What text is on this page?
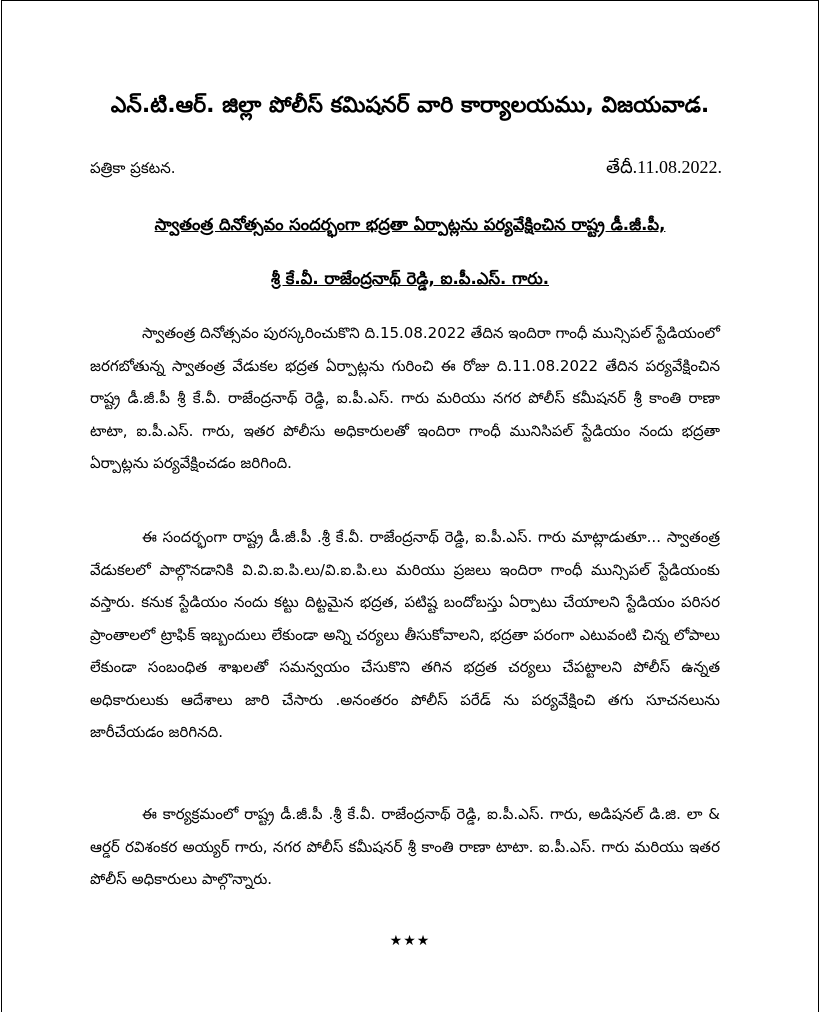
ఎన్.టి.ఆర్. జిల్లా పోలీస్ కమిషనర్ వారి కార్యాలయము, విజయవాడ.
పత్రికా ప్రకటన.	తేదీ.11.08.2022.
స్వాతంత్ర దినోత్సవం సందర్భంగా భద్రతా ఏర్పాట్లను పర్యవేక్షించిన రాష్ట్ర డీ.జీ.పీ,
శ్రీ కే.వీ. రాజేంద్రనాథ్ రెడ్డి, ఐ.పీ.ఎస్. గారు.
స్వాతంత్ర దినోత్సవం పురస్కరించుకొని ది.15.08.2022 తేదిన ఇందిరా గాంధీ మున్సిపల్ స్టేడియంలో జరగబోతున్న స్వాతంత్ర వేడుకల భద్రత ఏర్పాట్లను గురించి ఈ రోజు ది.11.08.2022 తేదిన పర్యవేక్షించిన రాష్ట్ర డీ.జీ.పీ శ్రీ కే.వీ. రాజేంద్రనాథ్ రెడ్డి, ఐ.పీ.ఎస్. గారు మరియు నగర పోలీస్ కమీషనర్ శ్రీ కాంతి రాణా టాటా, ఐ.పీ.ఎస్. గారు, ఇతర పోలీసు అధికారులతో ఇందిరా గాంధీ మునిసిపల్ స్టేడియం నందు భద్రతా ఏర్పాట్లను పర్యవేక్షించడం జరిగింది.
ఈ సందర్భంగా రాష్ట్ర డీ.జీ.పీ .శ్రీ కే.వీ. రాజేంద్రనాథ్ రెడ్డి, ఐ.పీ.ఎస్. గారు మాట్లాడుతూ... స్వాతంత్ర వేడుకలలో పాల్గొనడానికి వి.వి.ఐ.పి.లు/వి.ఐ.పి.లు మరియు ప్రజలు ఇందిరా గాంధీ మున్సిపల్ స్టేడియంకు వస్తారు. కనుక స్టేడియం నందు కట్టు దిట్టమైన భద్రత, పటిష్ట బందోబస్తు ఏర్పాటు చేయాలని స్టేడియం పరిసర ప్రాంతాలలో ట్రాఫిక్ ఇబ్బందులు లేకుండా అన్ని చర్యలు తీసుకోవాలని, భద్రతా పరంగా ఎటువంటి చిన్న లోపాలు లేకుండా సంబంధిత శాఖలతో సమన్వయం చేసుకొని తగిన భద్రత చర్యలు చేపట్టాలని పోలీస్ ఉన్నత అధికారులుకు ఆదేశాలు జారి చేసారు .అనంతరం పోలీస్ పరేడ్ ను పర్యవేక్షించి తగు సూచనలును జారీచేయడం జరిగినది.
ఈ కార్యక్రమంలో రాష్ట్ర డీ.జీ.పీ .శ్రీ కే.వీ. రాజేంద్రనాథ్ రెడ్డి, ఐ.పీ.ఎస్. గారు, అడిషనల్ డి.జి. లా & ఆర్డర్ రవిశంకర అయ్యర్ గారు, నగర పోలీస్ కమీషనర్ శ్రీ కాంతి రాణా టాటా. ఐ.పీ.ఎస్. గారు మరియు ఇతర పోలీస్ అధికారులు పాల్గొన్నారు.
★★★
